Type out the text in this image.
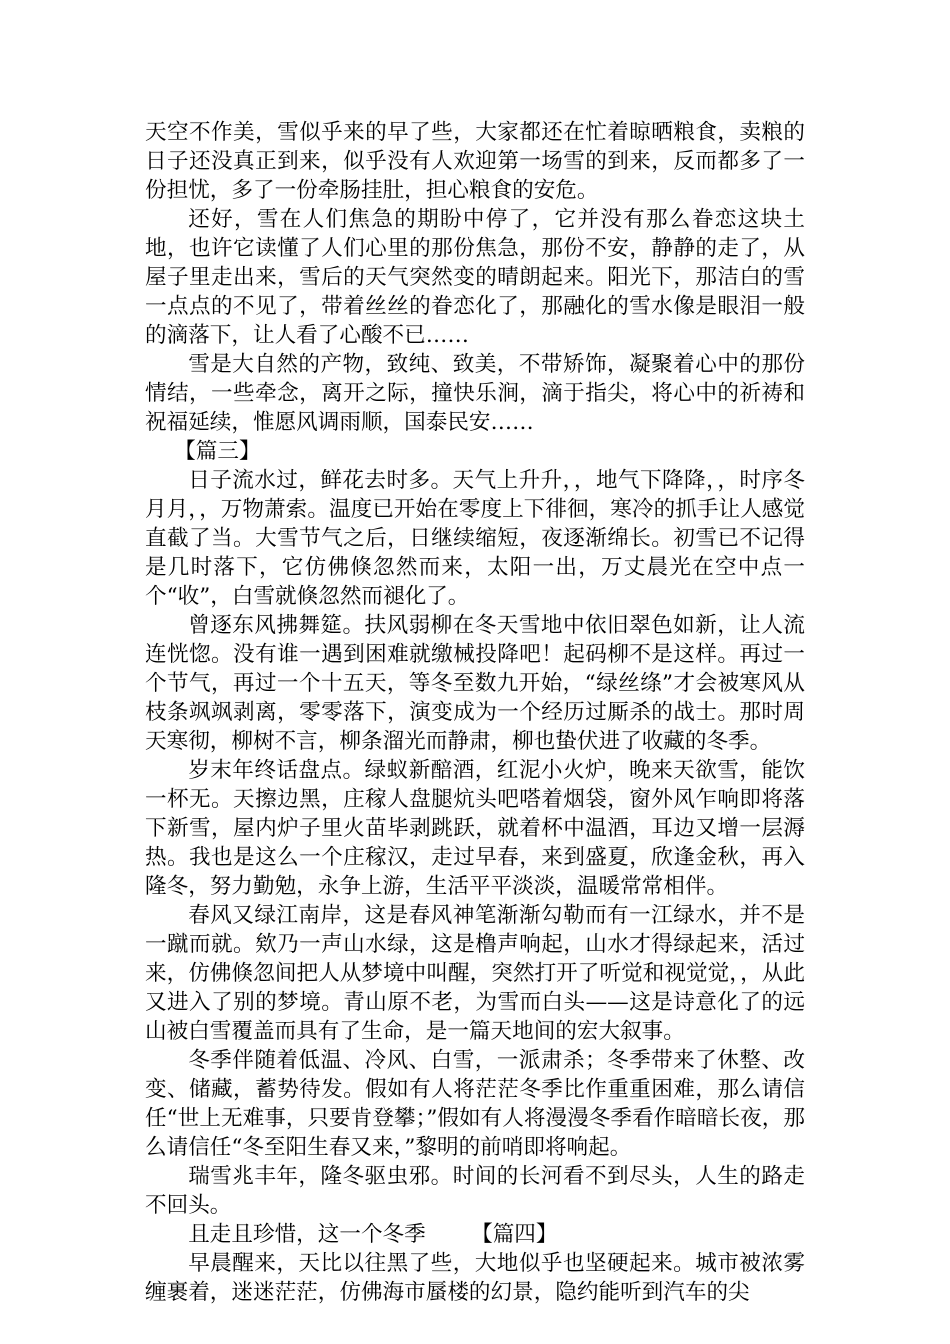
天空不作美，雪似乎来的早了些，大家都还在忙着晾晒粮食，卖粮的日子还没真正到来，似乎没有人欢迎第一场雪的到来，反而都多了一份担忧，多了一份牵肠挂肚，担心粮食的安危。

还好，雪在人们焦急的期盼中停了，它并没有那么眷恋这块土地，也许它读懂了人们心里的那份焦急，那份不安，静静的走了，从屋子里走出来，雪后的天气突然变的晴朗起来。阳光下，那洁白的雪一点点的不见了，带着丝丝的眷恋化了，那融化的雪水像是眼泪一般的滴落下，让人看了心酸不已……

雪是大自然的产物，致纯、致美，不带矫饰，凝聚着心中的那份情结，一些牵念，离开之际，撞快乐涧，滴于指尖，将心中的祈祷和祝福延续，惟愿风调雨顺，国泰民安……

【篇三】

日子流水过，鲜花去时多。天气上升升，，地气下降降，，时序冬月月，，万物萧索。温度已开始在零度上下徘徊，寒冷的抓手让人感觉直截了当。大雪节气之后，日继续缩短，夜逐渐绵长。初雪已不记得是几时落下，它仿佛倏忽然而来，太阳一出，万丈晨光在空中点一个“收”，白雪就倏忽然而褪化了。

曾逐东风拂舞筵。扶风弱柳在冬天雪地中依旧翠色如新，让人流连恍惚。没有谁一遇到困难就缴械投降吧！起码柳不是这样。再过一个节气，再过一个十五天，等冬至数九开始，“绿丝绦”才会被寒风从枝条飒飒剥离，零零落下，演变成为一个经历过厮杀的战士。那时周天寒彻，柳树不言，柳条溜光而静肃，柳也蛰伏进了收藏的冬季。

岁末年终话盘点。绿蚁新醅酒，红泥小火炉，晚来天欲雪，能饮一杯无。天擦边黑，庄稼人盘腿炕头吧嗒着烟袋，窗外风乍响即将落下新雪，屋内炉子里火苗毕剥跳跃，就着杯中温酒，耳边又增一层溽热。我也是这么一个庄稼汉，走过早春，来到盛夏，欣逢金秋，再入隆冬，努力勤勉，永争上游，生活平平淡淡，温暖常常相伴。

春风又绿江南岸，这是春风神笔渐渐勾勒而有一江绿水，并不是一蹴而就。欸乃一声山水绿，这是橹声响起，山水才得绿起来，活过来，仿佛倏忽间把人从梦境中叫醒，突然打开了听觉和视觉觉，，从此又进入了别的梦境。青山原不老，为雪而白头——这是诗意化了的远山被白雪覆盖而具有了生命，是一篇天地间的宏大叙事。

冬季伴随着低温、冷风、白雪，一派肃杀；冬季带来了休整、改变、储藏，蓄势待发。假如有人将茫茫冬季比作重重困难，那么请信任“世上无难事，只要肯登攀；”假如有人将漫漫冬季看作暗暗长夜，那么请信任“冬至阳生春又来，”黎明的前哨即将响起。

瑞雪兆丰年，隆冬驱虫邪。时间的长河看不到尽头，人生的路走不回头。

且走且珍惜，这一个冬季 【篇四】

早晨醒来，天比以往黑了些，大地似乎也坚硬起来。城市被浓雾缠裹着，迷迷茫茫，仿佛海市蜃楼的幻景，隐约能听到汽车的尖
